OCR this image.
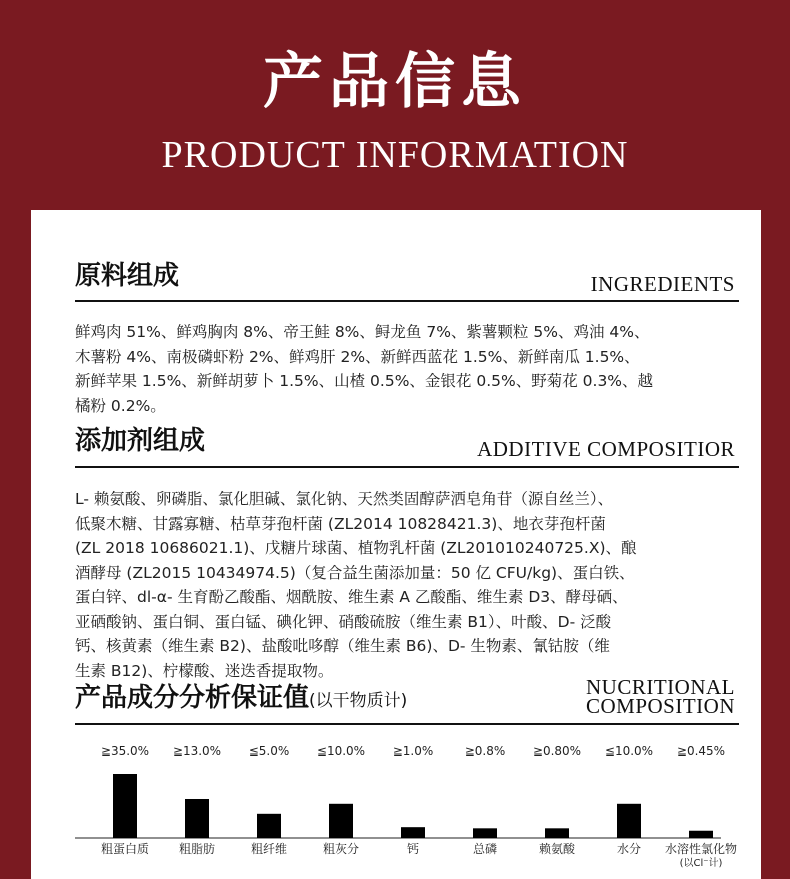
产品信息
PRODUCT INFORMATION
原料组成	INGREDIENTS
鲜鸡肉 51%、鲜鸡胸肉 8%、帝王鲑 8%、鲟龙鱼 7%、紫薯颗粒 5%、鸡油 4%、
木薯粉 4%、南极磷虾粉 2%、鲜鸡肝 2%、新鲜西蓝花 1.5%、新鲜南瓜 1.5%、
新鲜苹果 1.5%、新鲜胡萝卜 1.5%、山楂 0.5%、金银花 0.5%、野菊花 0.3%、越
橘粉 0.2%。
添加剂组成	ADDITIVE COMPOSITIOR
L- 赖氨酸、卵磷脂、氯化胆碱、氯化钠、天然类固醇萨洒皂角苷（源自丝兰）、
低聚木糖、甘露寡糖、枯草芽孢杆菌 (ZL2014 10828421.3)、地衣芽孢杆菌
(ZL 2018 10686021.1)、戊糖片球菌、植物乳杆菌 (ZL201010240725.X)、酿
酒酵母 (ZL2015 10434974.5)（复合益生菌添加量：50 亿 CFU/kg)、蛋白铁、
蛋白锌、dl-α- 生育酚乙酸酯、烟酰胺、维生素 A 乙酸酯、维生素 D3、酵母硒、
亚硒酸钠、蛋白铜、蛋白锰、碘化钾、硝酸硫胺（维生素 B1）、叶酸、D- 泛酸
钙、核黄素（维生素 B2)、盐酸吡哆醇（维生素 B6)、D- 生物素、氰钴胺（维
生素 B12)、柠檬酸、迷迭香提取物。
产品成分分析保证值(以干物质计)
NUCRITIONAL
COMPOSITION
≧35.0%
粗蛋白质
≧13.0%
粗脂肪
≦5.0%
粗纤维
≦10.0%
粗灰分
≧1.0%
钙
≧0.8%
总磷
≧0.80%
赖氨酸
≦10.0%
水分
≧0.45%
水溶性氯化物
(以Cl⁻计)
